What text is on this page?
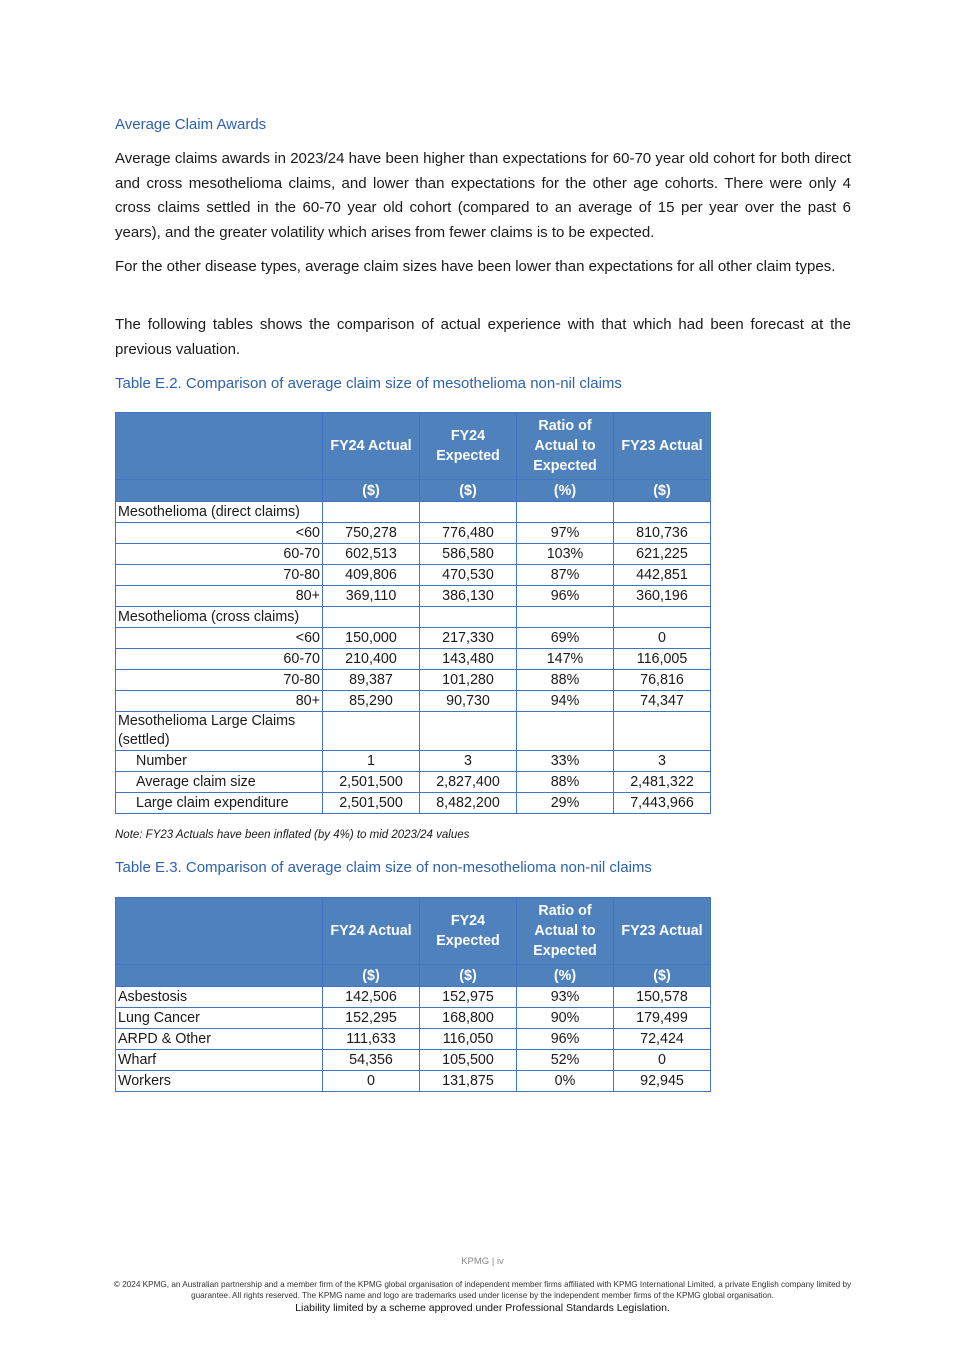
Average Claim Awards

Average claims awards in 2023/24 have been higher than expectations for 60-70 year old cohort for both direct and cross mesothelioma claims, and lower than expectations for the other age cohorts. There were only 4 cross claims settled in the 60-70 year old cohort (compared to an average of 15 per year over the past 6 years), and the greater volatility which arises from fewer claims is to be expected.

For the other disease types, average claim sizes have been lower than expectations for all other claim types.

The following tables shows the comparison of actual experience with that which had been forecast at the previous valuation.

Table E.2. Comparison of average claim size of mesothelioma non-nil claims
	FY24 Actual	FY24 Expected	Ratio of Actual to Expected	FY23 Actual
	($)	($)	(%)	($)
Mesothelioma (direct claims)				
<60	750,278	776,480	97%	810,736
60-70	602,513	586,580	103%	621,225
70-80	409,806	470,530	87%	442,851
80+	369,110	386,130	96%	360,196
Mesothelioma (cross claims)				
<60	150,000	217,330	69%	0
60-70	210,400	143,480	147%	116,005
70-80	89,387	101,280	88%	76,816
80+	85,290	90,730	94%	74,347
Mesothelioma Large Claims (settled)				
Number	1	3	33%	3
Average claim size	2,501,500	2,827,400	88%	2,481,322
Large claim expenditure	2,501,500	8,482,200	29%	7,443,966
Note: FY23 Actuals have been inflated (by 4%) to mid 2023/24 values
Table E.3. Comparison of average claim size of non-mesothelioma non-nil claims
	FY24 Actual	FY24 Expected	Ratio of Actual to Expected	FY23 Actual
	($)	($)	(%)	($)
Asbestosis	142,506	152,975	93%	150,578
Lung Cancer	152,295	168,800	90%	179,499
ARPD & Other	111,633	116,050	96%	72,424
Wharf	54,356	105,500	52%	0
Workers	0	131,875	0%	92,945
KPMG | iv
© 2024 KPMG, an Australian partnership and a member firm of the KPMG global organisation of independent member firms affiliated with KPMG International Limited, a private English company limited by guarantee. All rights reserved. The KPMG name and logo are trademarks used under license by the independent member firms of the KPMG global organisation.
Liability limited by a scheme approved under Professional Standards Legislation.
